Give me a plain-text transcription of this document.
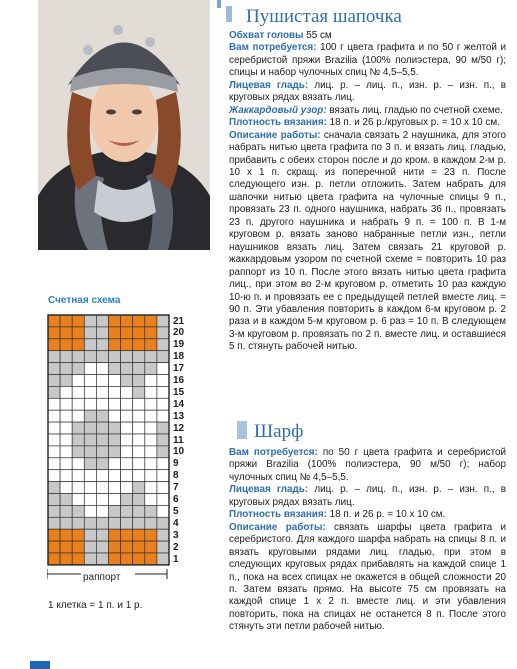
Пушистая шапочка

Обхват головы 55 см

Вам потребуется: 100 г цвета графита и по 50 г желтой и серебристой пряжи Brazilia (100% полиэстера, 90 м/50 г); спицы и набор чулочных спиц № 4,5–5,5.

Лицевая гладь: лиц. р. – лиц. п., изн. р. – изн. п., в круговых рядах вязать лиц.

Жаккардовый узор: вязать лиц. гладью по счетной схеме.

Плотность вязания: 18 п. и 26 р./круговых р. = 10 х 10 см.

Описание работы: сначала связать 2 наушника, для этого набрать нитью цвета графита по 3 п. и вязать лиц. гладью, прибавить с обеих сторон после и до кром. в каждом 2-м р. 10 х 1 п. скращ. из поперечной нити = 23 п. После следующего изн. р. петли отложить. Затем набрать для шапочки нитью цвета графита на чулочные спицы 9 п., провязать 23 п. одного наушника, набрать 36 п., провязать 23 п. другого наушника и набрать 9 п. = 100 п. В 1-м круговом р. вязать заново набранные петли изн., петли наушников вязать лиц. Затем связать 21 круговой р. жаккардовым узором по счетной схеме = повторить 10 раз раппорт из 10 п. После этого вязать нитью цвета графита лиц., при этом во 2-м круговом р. отметить 10 раз каждую 10-ю п. и провязать ее с предыдущей петлей вместе лиц. = 90 п. Эти убавления повторить в каждом 6-м круговом р. 2 раза и в каждом 5-м круговом р. 6 раз = 10 п. В следующем 3-м круговом р. провязать по 2 п. вместе лиц. и оставшиеся 5 п. стянуть рабочей нитью.

Шарф

Вам потребуется: по 50 г цвета графита и серебристой пряжи Brazilia (100% полиэстера, 90 м/50 г); набор чулочных спиц № 4,5–5,5.

Лицевая гладь: лиц. р. – лиц. п., изн. р. – изн. п., в круговых рядах вязать лиц.

Плотность вязания: 18 п. и 26 р. = 10 х 10 см.

Описание работы: связать шарфы цвета графита и серебристого. Для каждого шарфа набрать на спицы 8 п. и вязать круговыми рядами лиц. гладью, при этом в следующих круговых рядах прибавлять на каждой спице 1 п., пока на всех спицах не окажется в общей сложности 20 п. Затем вязать прямо. На высоте 75 см провязать на каждой спице 1 х 2 п. вместе лиц. и эти убавления повторить, пока на спицах не останется 8 п. После этого стянуть эти петли рабочей нитью.

Счетная схема
21
20
19
18
17
16
15
14
13
12
11
10
9
8
7
6
5
4
3
2
1
раппорт
1 клетка = 1 п. и 1 р.
